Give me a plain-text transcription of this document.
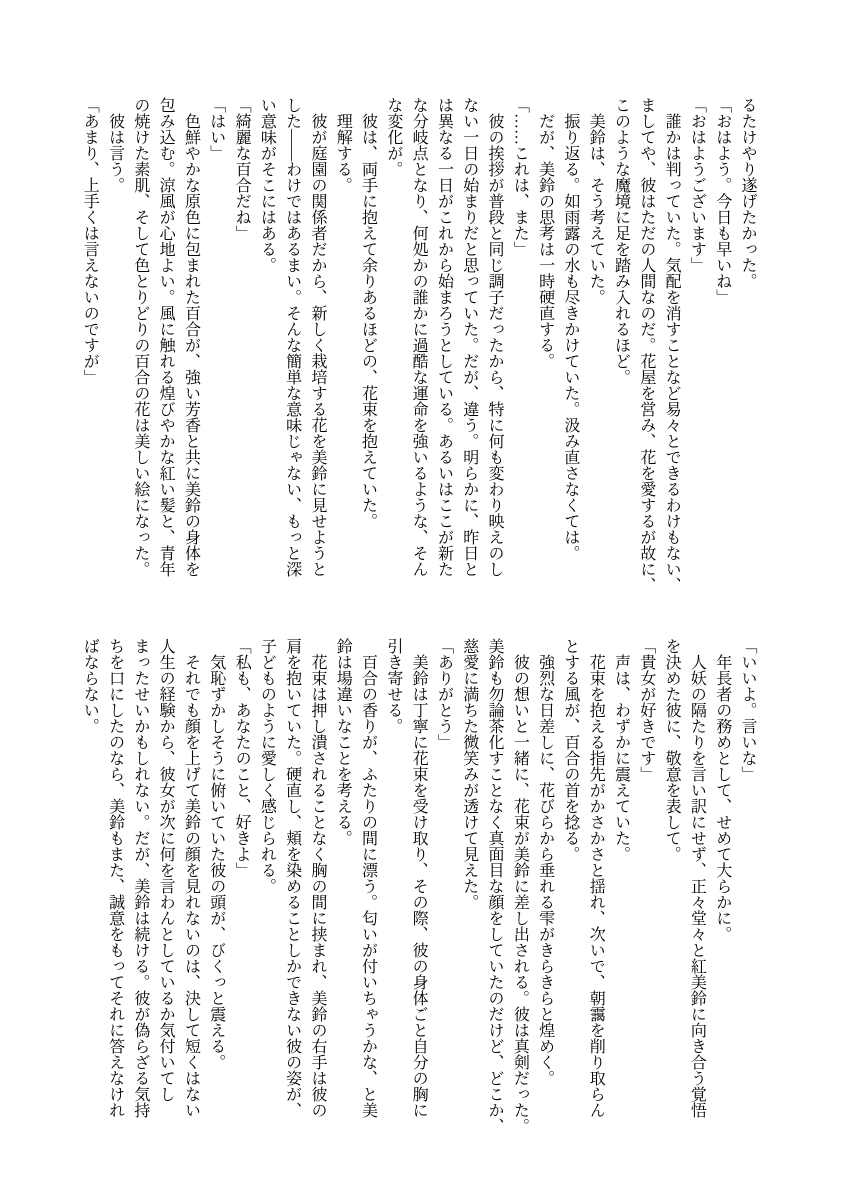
るたけやり遂げたかった。

「おはよう。今日も早いね」

「おはようございます」

　誰かは判っていた。気配を消すことなど易々とできるわけもない、

ましてや、彼はただの人間なのだ。花屋を営み、花を愛するが故に、

このような魔境に足を踏み入れるほど。

　美鈴は、そう考えていた。

　振り返る。如雨露の水も尽きかけていた。汲み直さなくては。

　だが、美鈴の思考は一時硬直する。

「……これは、また」

　彼の挨拶が普段と同じ調子だったから、特に何も変わり映えのし

ない一日の始まりだと思っていた。だが、違う。明らかに、昨日と

は異なる一日がこれから始まろうとしている。あるいはここが新た

な分岐点となり、何処かの誰かに過酷な運命を強いるような、そん

な変化が。

　彼は、両手に抱えて余りあるほどの、花束を抱えていた。

　理解する。

　彼が庭園の関係者だから、新しく栽培する花を美鈴に見せようと

した――わけではあるまい。そんな簡単な意味じゃない、もっと深

い意味がそこにはある。

「綺麗な百合だね」

「はい」

　色鮮やかな原色に包まれた百合が、強い芳香と共に美鈴の身体を

包み込む。涼風が心地よい。風に触れる煌びやかな紅い髪と、青年

の焼けた素肌、そして色とりどりの百合の花は美しい絵になった。

　彼は言う。

「あまり、上手くは言えないのですが」

「いいよ。言いな」

　年長者の務めとして、せめて大らかに。

　人妖の隔たりを言い訳にせず、正々堂々と紅美鈴に向き合う覚悟

を決めた彼に、敬意を表して。

「貴女が好きです」

　声は、わずかに震えていた。

　花束を抱える指先がかさかさと揺れ、次いで、朝靄を削り取らん

とする風が、百合の首を捻る。

　強烈な日差しに、花びらから垂れる雫がきらきらと煌めく。

　彼の想いと一緒に、花束が美鈴に差し出される。彼は真剣だった。

美鈴も勿論茶化すことなく真面目な顔をしていたのだけど、どこか、

慈愛に満ちた微笑みが透けて見えた。

「ありがとう」

　美鈴は丁寧に花束を受け取り、その際、彼の身体ごと自分の胸に

引き寄せる。

　百合の香りが、ふたりの間に漂う。匂いが付いちゃうかな、と美

鈴は場違いなことを考える。

　花束は押し潰されることなく胸の間に挟まれ、美鈴の右手は彼の

肩を抱いていた。硬直し、頬を染めることしかできない彼の姿が、

子どものように愛しく感じられる。

「私も、あなたのこと、好きよ」

　気恥ずかしそうに俯いていた彼の頭が、びくっと震える。

　それでも顔を上げて美鈴の顔を見れないのは、決して短くはない

人生の経験から、彼女が次に何を言わんとしているか気付いてし

まったせいかもしれない。だが、美鈴は続ける。彼が偽らざる気持

ちを口にしたのなら、美鈴もまた、誠意をもってそれに答えなけれ

ばならない。
